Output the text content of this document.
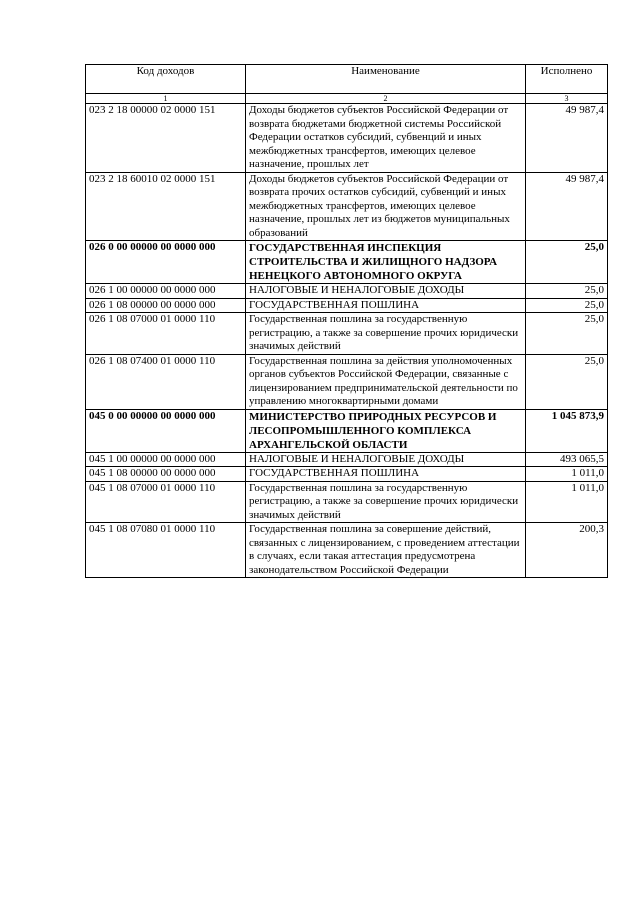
Код доходов	Наименование	Исполнено
1	2	3
023 2 18 00000 02 0000 151	Доходы бюджетов субъектов Российской Федерации от возврата бюджетами бюджетной системы Российской Федерации остатков субсидий, субвенций и иных межбюджетных трансфертов, имеющих целевое назначение, прошлых лет	49 987,4
023 2 18 60010 02 0000 151	Доходы бюджетов субъектов Российской Федерации от возврата прочих остатков субсидий, субвенций и иных межбюджетных трансфертов, имеющих целевое назначение, прошлых лет из бюджетов муниципальных образований	49 987,4
026 0 00 00000 00 0000 000	ГОСУДАРСТВЕННАЯ ИНСПЕКЦИЯ СТРОИТЕЛЬСТВА И ЖИЛИЩНОГО НАДЗОРА НЕНЕЦКОГО АВТОНОМНОГО ОКРУГА	25,0
026 1 00 00000 00 0000 000	НАЛОГОВЫЕ И НЕНАЛОГОВЫЕ ДОХОДЫ	25,0
026 1 08 00000 00 0000 000	ГОСУДАРСТВЕННАЯ ПОШЛИНА	25,0
026 1 08 07000 01 0000 110	Государственная пошлина за государственную регистрацию, а также за совершение прочих юридически значимых действий	25,0
026 1 08 07400 01 0000 110	Государственная пошлина за действия уполномоченных органов субъектов Российской Федерации, связанные с лицензированием предпринимательской деятельности по управлению многоквартирными домами	25,0
045 0 00 00000 00 0000 000	МИНИСТЕРСТВО ПРИРОДНЫХ РЕСУРСОВ И ЛЕСОПРОМЫШЛЕННОГО КОМПЛЕКСА АРХАНГЕЛЬСКОЙ ОБЛАСТИ	1 045 873,9
045 1 00 00000 00 0000 000	НАЛОГОВЫЕ И НЕНАЛОГОВЫЕ ДОХОДЫ	493 065,5
045 1 08 00000 00 0000 000	ГОСУДАРСТВЕННАЯ ПОШЛИНА	1 011,0
045 1 08 07000 01 0000 110	Государственная пошлина за государственную регистрацию, а также за совершение прочих юридически значимых действий	1 011,0
045 1 08 07080 01 0000 110	Государственная пошлина за совершение действий, связанных с лицензированием, с проведением аттестации в случаях, если такая аттестация предусмотрена законодательством Российской Федерации	200,3
